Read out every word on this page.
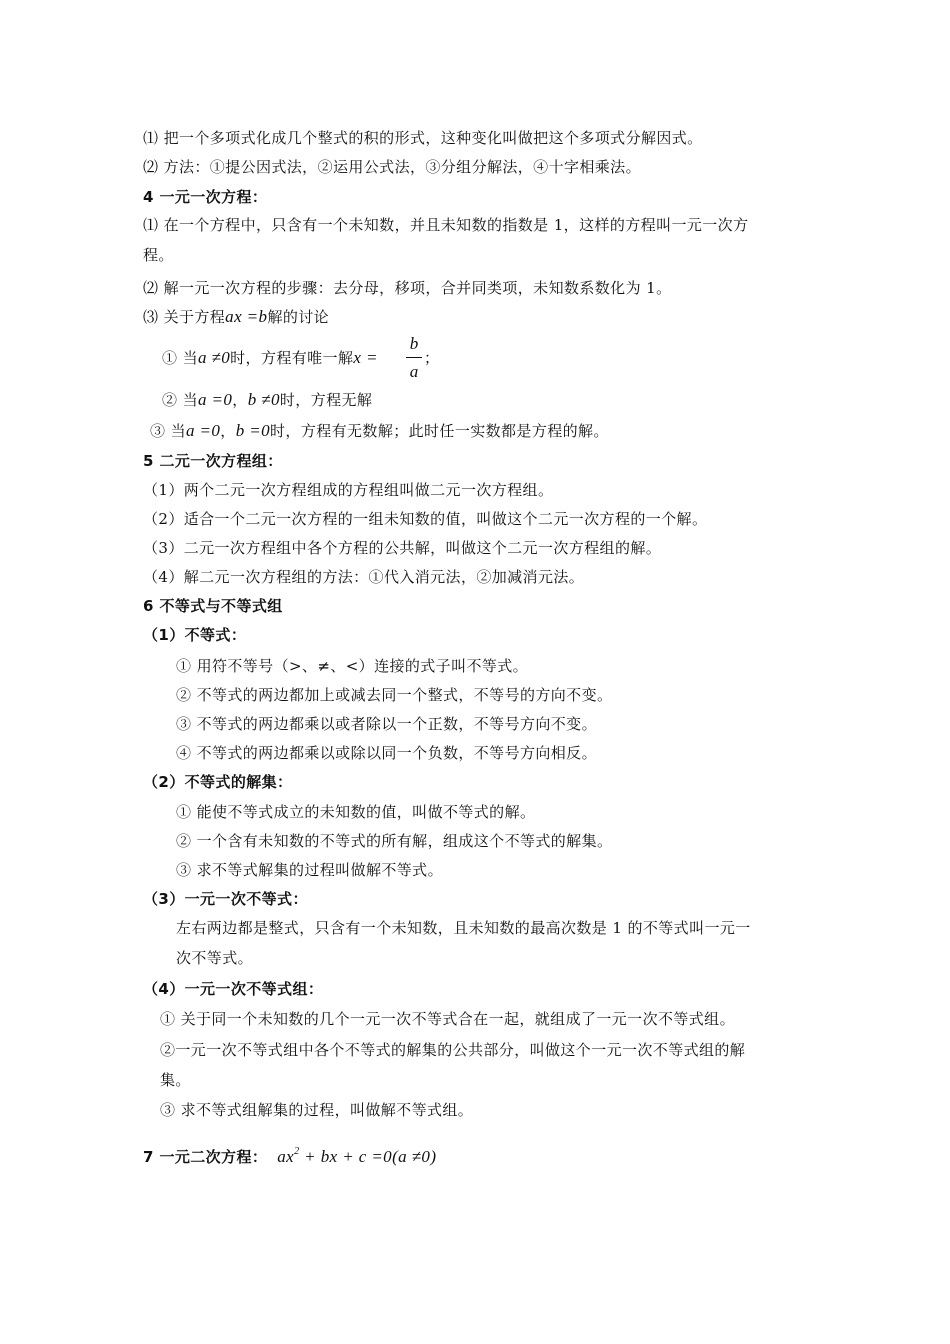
⑴ 把一个多项式化成几个整式的积的形式，这种变化叫做把这个多项式分解因式。
⑵ 方法：①提公因式法，②运用公式法，③分组分解法，④十字相乘法。
4 一元一次方程：
⑴ 在一个方程中，只含有一个未知数，并且未知数的指数是 1，这样的方程叫一元一次方
程。
⑵ 解一元一次方程的步骤：去分母，移项，合并同类项，未知数系数化为 1。
⑶ 关于方程ax =b解的讨论
① 当a ≠0时，方程有唯一解x =
b
a
；
② 当a =0，b ≠0时，方程无解
③ 当a =0，b =0时，方程有无数解；此时任一实数都是方程的解。
5 二元一次方程组：
（1）两个二元一次方程组成的方程组叫做二元一次方程组。
（2）适合一个二元一次方程的一组未知数的值，叫做这个二元一次方程的一个解。
（3）二元一次方程组中各个方程的公共解，叫做这个二元一次方程组的解。
（4）解二元一次方程组的方法：①代入消元法，②加减消元法。
6 不等式与不等式组
（1）不等式：
① 用符不等号（>、≠、<）连接的式子叫不等式。
② 不等式的两边都加上或减去同一个整式，不等号的方向不变。
③ 不等式的两边都乘以或者除以一个正数，不等号方向不变。
④ 不等式的两边都乘以或除以同一个负数，不等号方向相反。
（2）不等式的解集：
① 能使不等式成立的未知数的值，叫做不等式的解。
② 一个含有未知数的不等式的所有解，组成这个不等式的解集。
③ 求不等式解集的过程叫做解不等式。
（3）一元一次不等式：
左右两边都是整式，只含有一个未知数，且未知数的最高次数是 1 的不等式叫一元一
次不等式。
（4）一元一次不等式组：
① 关于同一个未知数的几个一元一次不等式合在一起，就组成了一元一次不等式组。
②一元一次不等式组中各个不等式的解集的公共部分，叫做这个一元一次不等式组的解
集。
③ 求不等式组解集的过程，叫做解不等式组。
7 一元二次方程： $ax^2$ + bx + c =0(a ≠0)
